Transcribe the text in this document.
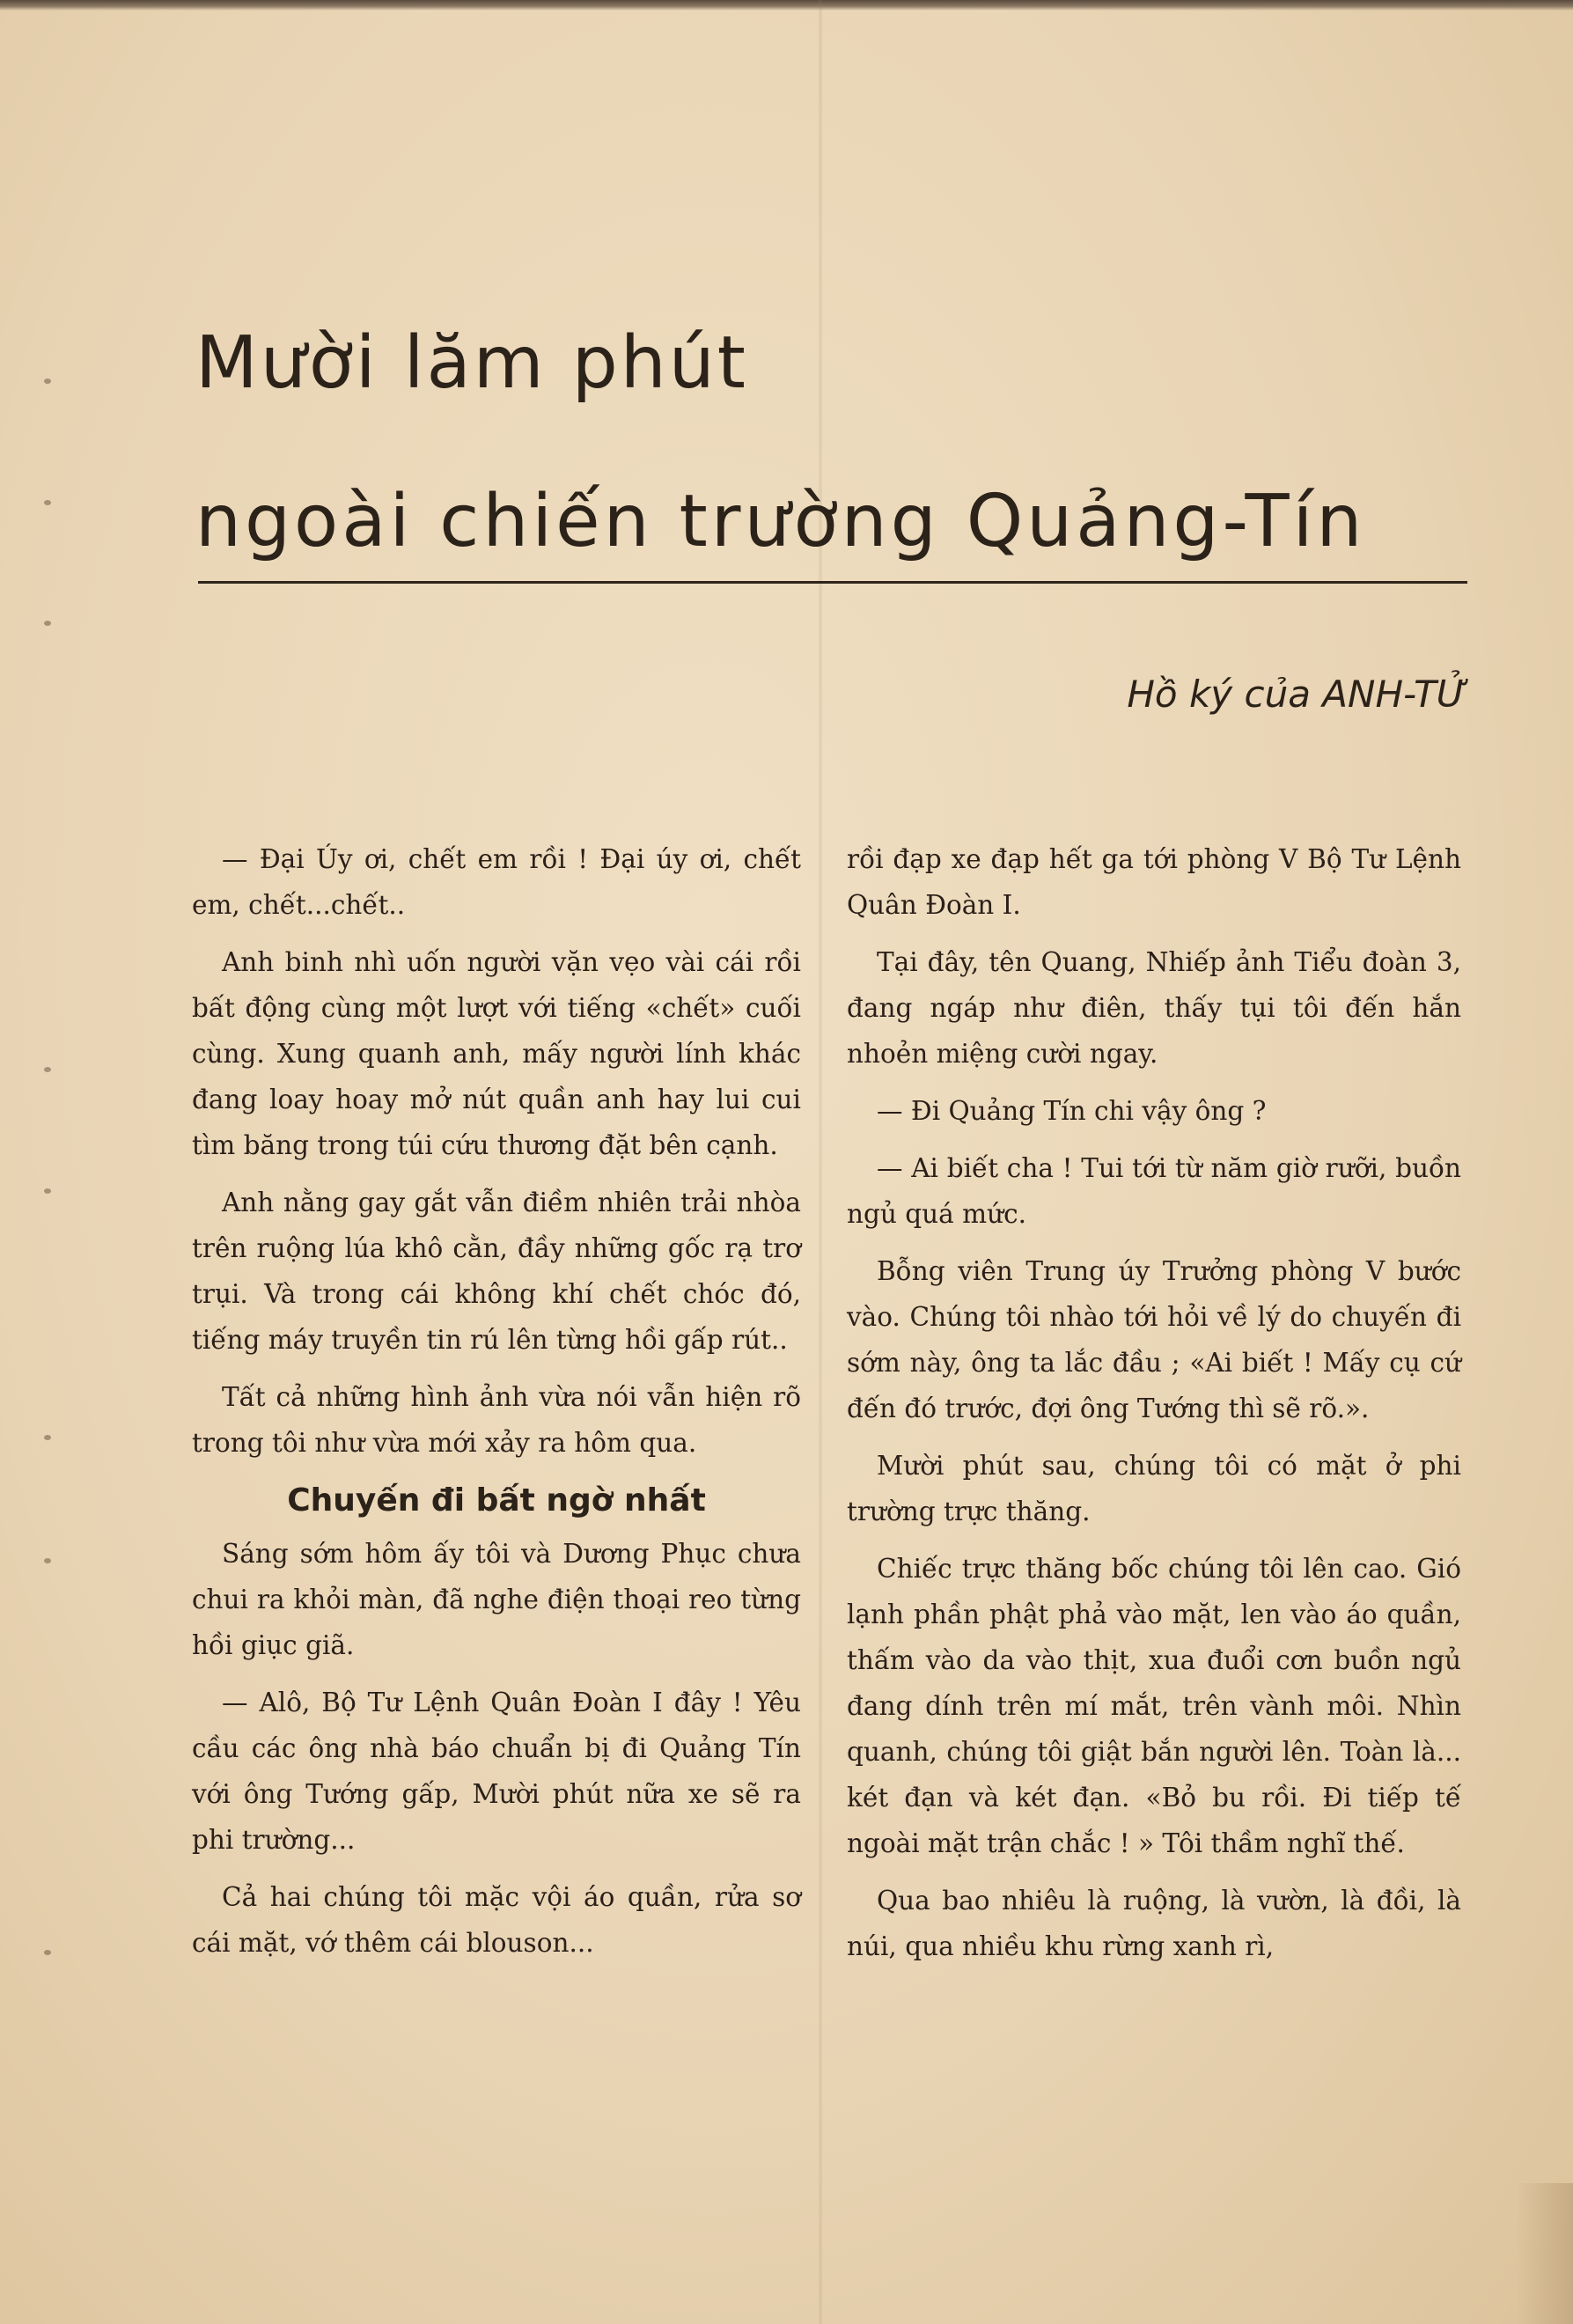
Mười lăm phút
ngoài chiến trường Quảng-Tín
Hồ ký của ANH-TỬ

— Đại Úy ơi, chết em rồi ! Đại úy ơi, chết em, chết...chết..

Anh binh nhì uốn người vặn vẹo vài cái rồi bất động cùng một lượt với tiếng «chết» cuối cùng. Xung quanh anh, mấy người lính khác đang loay hoay mở nút quần anh hay lui cui tìm băng trong túi cứu thương đặt bên cạnh.

Anh nằng gay gắt vẫn điềm nhiên trải nhòa trên ruộng lúa khô cằn, đầy những gốc rạ trơ trụi. Và trong cái không khí chết chóc đó, tiếng máy truyền tin rú lên từng hồi gấp rút..

Tất cả những hình ảnh vừa nói vẫn hiện rõ trong tôi như vừa mới xảy ra hôm qua.

Chuyến đi bất ngờ nhất

Sáng sớm hôm ấy tôi và Dương Phục chưa chui ra khỏi màn, đã nghe điện thoại reo từng hồi giục giã.

— Alô, Bộ Tư Lệnh Quân Đoàn I đây ! Yêu cầu các ông nhà báo chuẩn bị đi Quảng Tín với ông Tướng gấp, Mười phút nữa xe sẽ ra phi trường...

Cả hai chúng tôi mặc vội áo quần, rửa sơ cái mặt, vớ thêm cái blouson...

rồi đạp xe đạp hết ga tới phòng V Bộ Tư Lệnh Quân Đoàn I.

Tại đây, tên Quang, Nhiếp ảnh Tiểu đoàn 3, đang ngáp như điên, thấy tụi tôi đến hắn nhoẻn miệng cười ngay.

— Đi Quảng Tín chi vậy ông ?

— Ai biết cha ! Tui tới từ năm giờ rưỡi, buồn ngủ quá mức.

Bỗng viên Trung úy Trưởng phòng V bước vào. Chúng tôi nhào tới hỏi về lý do chuyến đi sớm này, ông ta lắc đầu ; «Ai biết ! Mấy cụ cứ đến đó trước, đợi ông Tướng thì sẽ rõ.».

Mười phút sau, chúng tôi có mặt ở phi trường trực thăng.

Chiếc trực thăng bốc chúng tôi lên cao. Gió lạnh phần phật phả vào mặt, len vào áo quần, thấm vào da vào thịt, xua đuổi cơn buồn ngủ đang dính trên mí mắt, trên vành môi. Nhìn quanh, chúng tôi giật bắn người lên. Toàn là... két đạn và két đạn. «Bỏ bu rồi. Đi tiếp tế ngoài mặt trận chắc ! » Tôi thầm nghĩ thế.

Qua bao nhiêu là ruộng, là vườn, là đồi, là núi, qua nhiều khu rừng xanh rì,
